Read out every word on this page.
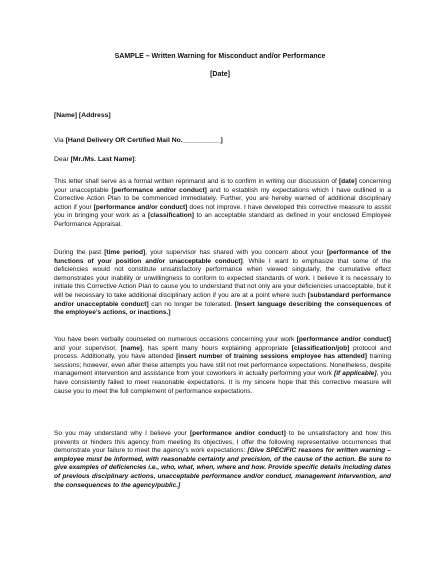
SAMPLE – Written Warning for Misconduct and/or Performance
[Date]
[Name] [Address]
Via [Hand Delivery OR Certified Mail No.__________]
Dear [Mr./Ms. Last Name]:
This letter shall serve as a formal written reprimand and is to confirm in writing our discussion of [date] concerning your unacceptable [performance and/or conduct] and to establish my expectations which I have outlined in a Corrective Action Plan to be commenced immediately. Further, you are hereby warned of additional disciplinary action if your [performance and/or conduct] does not improve. I have developed this corrective measure to assist you in bringing your work as a [classification] to an acceptable standard as defined in your enclosed Employee Performance Appraisal.
During the past [time period], your supervisor has shared with you concern about your [performance of the functions of your position and/or unacceptable conduct]. While I want to emphasize that some of the deficiencies would not constitute unsatisfactory performance when viewed singularly, the cumulative effect demonstrates your inability or unwillingness to conform to expected standards of work. I believe it is necessary to initiate this Corrective Action Plan to cause you to understand that not only are your deficiencies unacceptable, but it will be necessary to take additional disciplinary action if you are at a point where such [substandard performance and/or unacceptable conduct] can no longer be tolerated. [Insert language describing the consequences of the employee’s actions, or inactions.]
You have been verbally counseled on numerous occasions concerning your work [performance and/or conduct] and your supervisor, [name], has spent many hours explaining appropriate [classification/job] protocol and process. Additionally, you have attended [insert number of training sessions employee has attended] training sessions; however, even after these attempts you have still not met performance expectations. Nonetheless, despite management intervention and assistance from your coworkers in actually performing your work [if applicable], you have consistently failed to meet reasonable expectations. It is my sincere hope that this corrective measure will cause you to meet the full complement of performance expectations.
So you may understand why I believe your [performance and/or conduct] to be unsatisfactory and how this prevents or hinders this agency from meeting its objectives, I offer the following representative occurrences that demonstrate your failure to meet the agency’s work expectations: [Give SPECIFIC reasons for written warning – employee must be informed, with reasonable certainty and precision, of the cause of the action. Be sure to give examples of deficiencies i.e., who, what, when, where and how. Provide specific details including dates of previous disciplinary actions, unacceptable performance and/or conduct, management intervention, and the consequences to the agency/public.]
